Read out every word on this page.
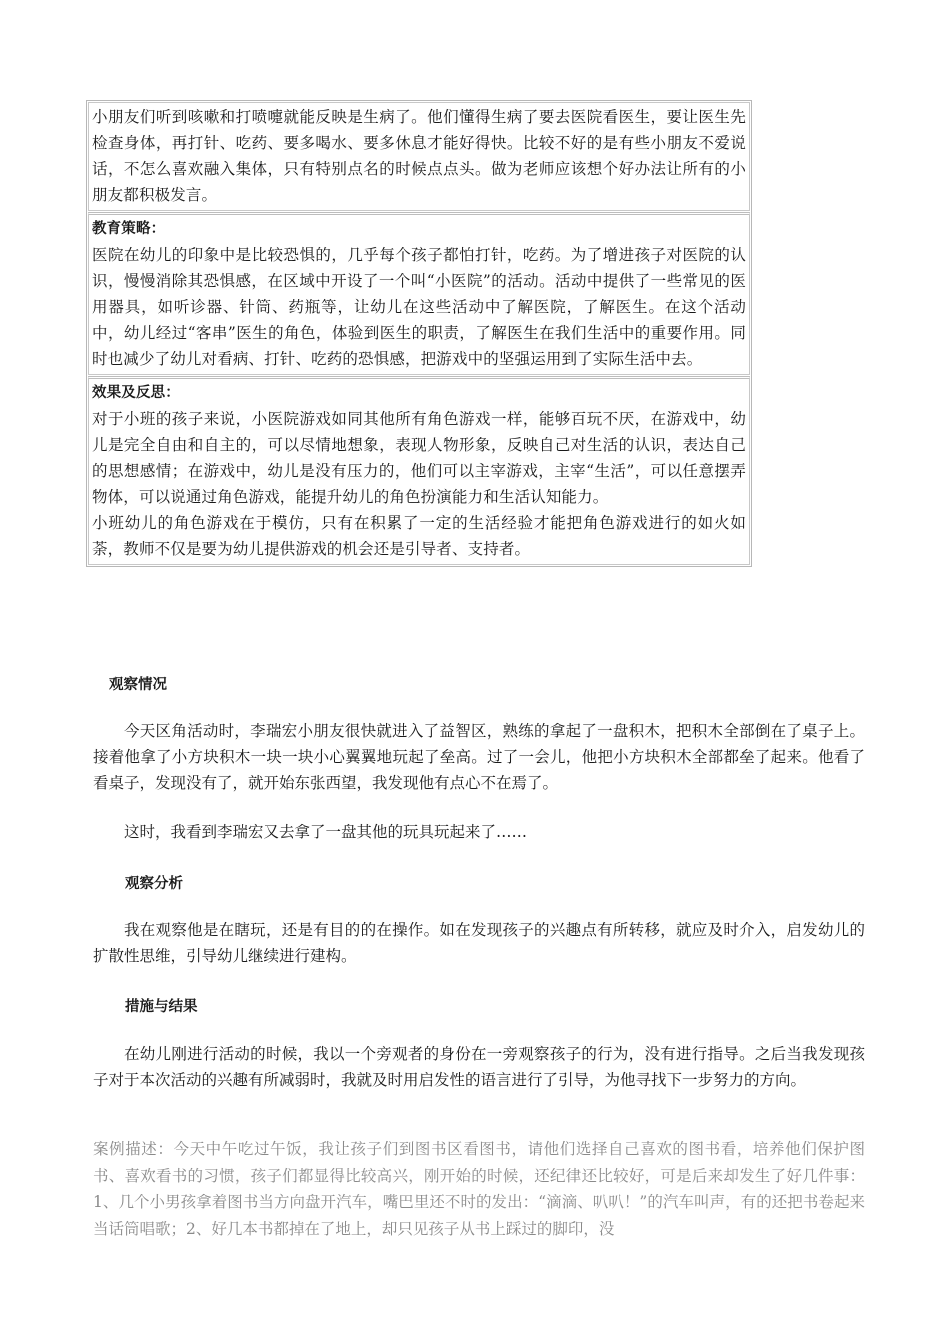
小朋友们听到咳嗽和打喷嚏就能反映是生病了。他们懂得生病了要去医院看医生，要让医生先检查身体，再打针、吃药、要多喝水、要多休息才能好得快。比较不好的是有些小朋友不爱说话，不怎么喜欢融入集体，只有特别点名的时候点点头。做为老师应该想个好办法让所有的小朋友都积极发言。

教育策略：

医院在幼儿的印象中是比较恐惧的，几乎每个孩子都怕打针，吃药。为了增进孩子对医院的认识，慢慢消除其恐惧感，在区域中开设了一个叫“小医院”的活动。活动中提供了一些常见的医用器具，如听诊器、针筒、药瓶等，让幼儿在这些活动中了解医院，了解医生。在这个活动中，幼儿经过“客串”医生的角色，体验到医生的职责，了解医生在我们生活中的重要作用。同时也减少了幼儿对看病、打针、吃药的恐惧感，把游戏中的坚强运用到了实际生活中去。

效果及反思：

对于小班的孩子来说，小医院游戏如同其他所有角色游戏一样，能够百玩不厌，在游戏中，幼儿是完全自由和自主的，可以尽情地想象，表现人物形象，反映自己对生活的认识，表达自己的思想感情；在游戏中，幼儿是没有压力的，他们可以主宰游戏，主宰“生活”，可以任意摆弄物体，可以说通过角色游戏，能提升幼儿的角色扮演能力和生活认知能力。

小班幼儿的角色游戏在于模仿，只有在积累了一定的生活经验才能把角色游戏进行的如火如荼，教师不仅是要为幼儿提供游戏的机会还是引导者、支持者。

观察情况

今天区角活动时，李瑞宏小朋友很快就进入了益智区，熟练的拿起了一盘积木，把积木全部倒在了桌子上。接着他拿了小方块积木一块一块小心翼翼地玩起了垒高。过了一会儿，他把小方块积木全部都垒了起来。他看了看桌子，发现没有了，就开始东张西望，我发现他有点心不在焉了。

这时，我看到李瑞宏又去拿了一盘其他的玩具玩起来了……

观察分析

我在观察他是在瞎玩，还是有目的的在操作。如在发现孩子的兴趣点有所转移，就应及时介入，启发幼儿的扩散性思维，引导幼儿继续进行建构。

措施与结果

在幼儿刚进行活动的时候，我以一个旁观者的身份在一旁观察孩子的行为，没有进行指导。之后当我发现孩子对于本次活动的兴趣有所减弱时，我就及时用启发性的语言进行了引导，为他寻找下一步努力的方向。

案例描述：今天中午吃过午饭，我让孩子们到图书区看图书，请他们选择自己喜欢的图书看，培养他们保护图书、喜欢看书的习惯，孩子们都显得比较高兴，刚开始的时候，还纪律还比较好，可是后来却发生了好几件事：1、几个小男孩拿着图书当方向盘开汽车，嘴巴里还不时的发出：“滴滴、叭叭！”的汽车叫声，有的还把书卷起来当话筒唱歌；2、好几本书都掉在了地上，却只见孩子从书上踩过的脚印，没
